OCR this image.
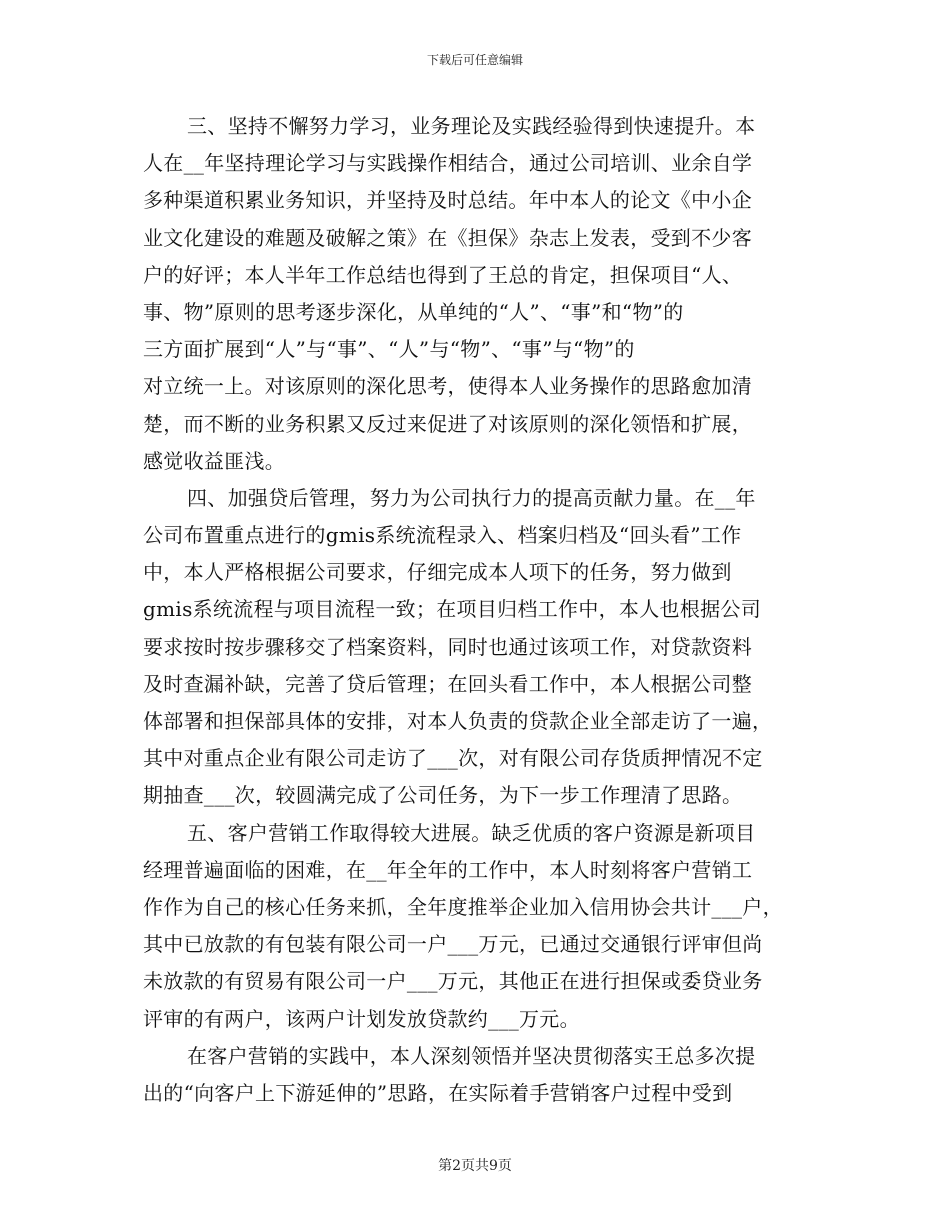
下载后可任意编辑
三、坚持不懈努力学习，业务理论及实践经验得到快速提升。本
人在__年坚持理论学习与实践操作相结合，通过公司培训、业余自学
多种渠道积累业务知识，并坚持及时总结。年中本人的论文《中小企
业文化建设的难题及破解之策》在《担保》杂志上发表，受到不少客
户的好评；本人半年工作总结也得到了王总的肯定，担保项目“人、
事、物”原则的思考逐步深化，从单纯的“人”、“事”和“物”的
三方面扩展到“人”与“事”、“人”与“物”、“事”与“物”的
对立统一上。对该原则的深化思考，使得本人业务操作的思路愈加清
楚，而不断的业务积累又反过来促进了对该原则的深化领悟和扩展，
感觉收益匪浅。
四、加强贷后管理，努力为公司执行力的提高贡献力量。在__年
公司布置重点进行的gmis系统流程录入、档案归档及“回头看”工作
中，本人严格根据公司要求，仔细完成本人项下的任务，努力做到
gmis系统流程与项目流程一致；在项目归档工作中，本人也根据公司
要求按时按步骤移交了档案资料，同时也通过该项工作，对贷款资料
及时查漏补缺，完善了贷后管理；在回头看工作中，本人根据公司整
体部署和担保部具体的安排，对本人负责的贷款企业全部走访了一遍，
其中对重点企业有限公司走访了___次，对有限公司存货质押情况不定
期抽查___次，较圆满完成了公司任务，为下一步工作理清了思路。
五、客户营销工作取得较大进展。缺乏优质的客户资源是新项目
经理普遍面临的困难，在__年全年的工作中，本人时刻将客户营销工
作作为自己的核心任务来抓，全年度推举企业加入信用协会共计___户，
其中已放款的有包装有限公司一户___万元，已通过交通银行评审但尚
未放款的有贸易有限公司一户___万元，其他正在进行担保或委贷业务
评审的有两户，该两户计划发放贷款约___万元。
在客户营销的实践中，本人深刻领悟并坚决贯彻落实王总多次提
出的“向客户上下游延伸的”思路，在实际着手营销客户过程中受到
第2页共9页
